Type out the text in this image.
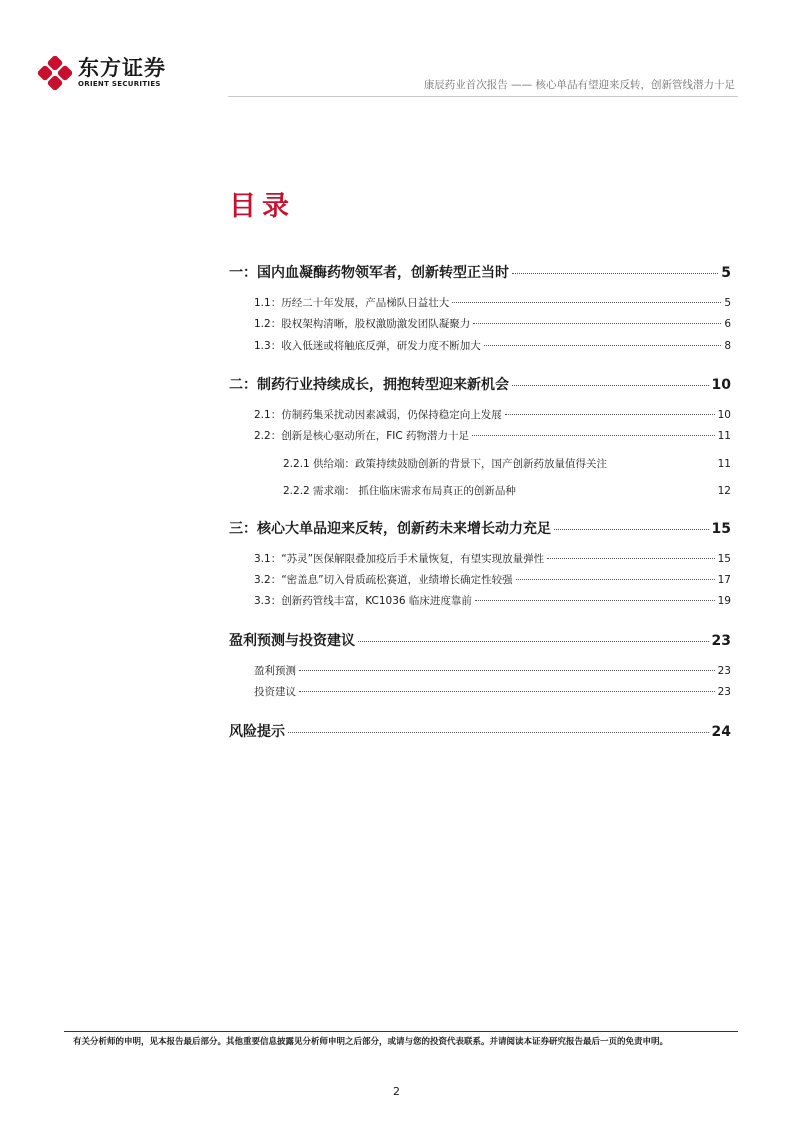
东方证券
ORIENT SECURITIES	康辰药业首次报告 —— 核心单品有望迎来反转，创新管线潜力十足
目录
一：国内血凝酶药物领军者，创新转型正当时	5
1.1：历经二十年发展，产品梯队日益壮大	5
1.2：股权架构清晰，股权激励激发团队凝聚力	6
1.3：收入低迷或将触底反弹，研发力度不断加大	8
二：制药行业持续成长，拥抱转型迎来新机会	10
2.1：仿制药集采扰动因素减弱，仍保持稳定向上发展	10
2.2：创新是核心驱动所在，FIC 药物潜力十足	11
2.2.1 供给端：政策持续鼓励创新的背景下，国产创新药放量值得关注	11
2.2.2 需求端： 抓住临床需求布局真正的创新品种	12
三：核心大单品迎来反转，创新药未来增长动力充足	15
3.1：“苏灵”医保解限叠加疫后手术量恢复，有望实现放量弹性	15
3.2：“密盖息”切入骨质疏松赛道，业绩增长确定性较强	17
3.3：创新药管线丰富，KC1036 临床进度靠前	19
盈利预测与投资建议	23
盈利预测	23
投资建议	23
风险提示	24
有关分析师的申明，见本报告最后部分。其他重要信息披露见分析师申明之后部分，或请与您的投资代表联系。并请阅读本证券研究报告最后一页的免责申明。
2
